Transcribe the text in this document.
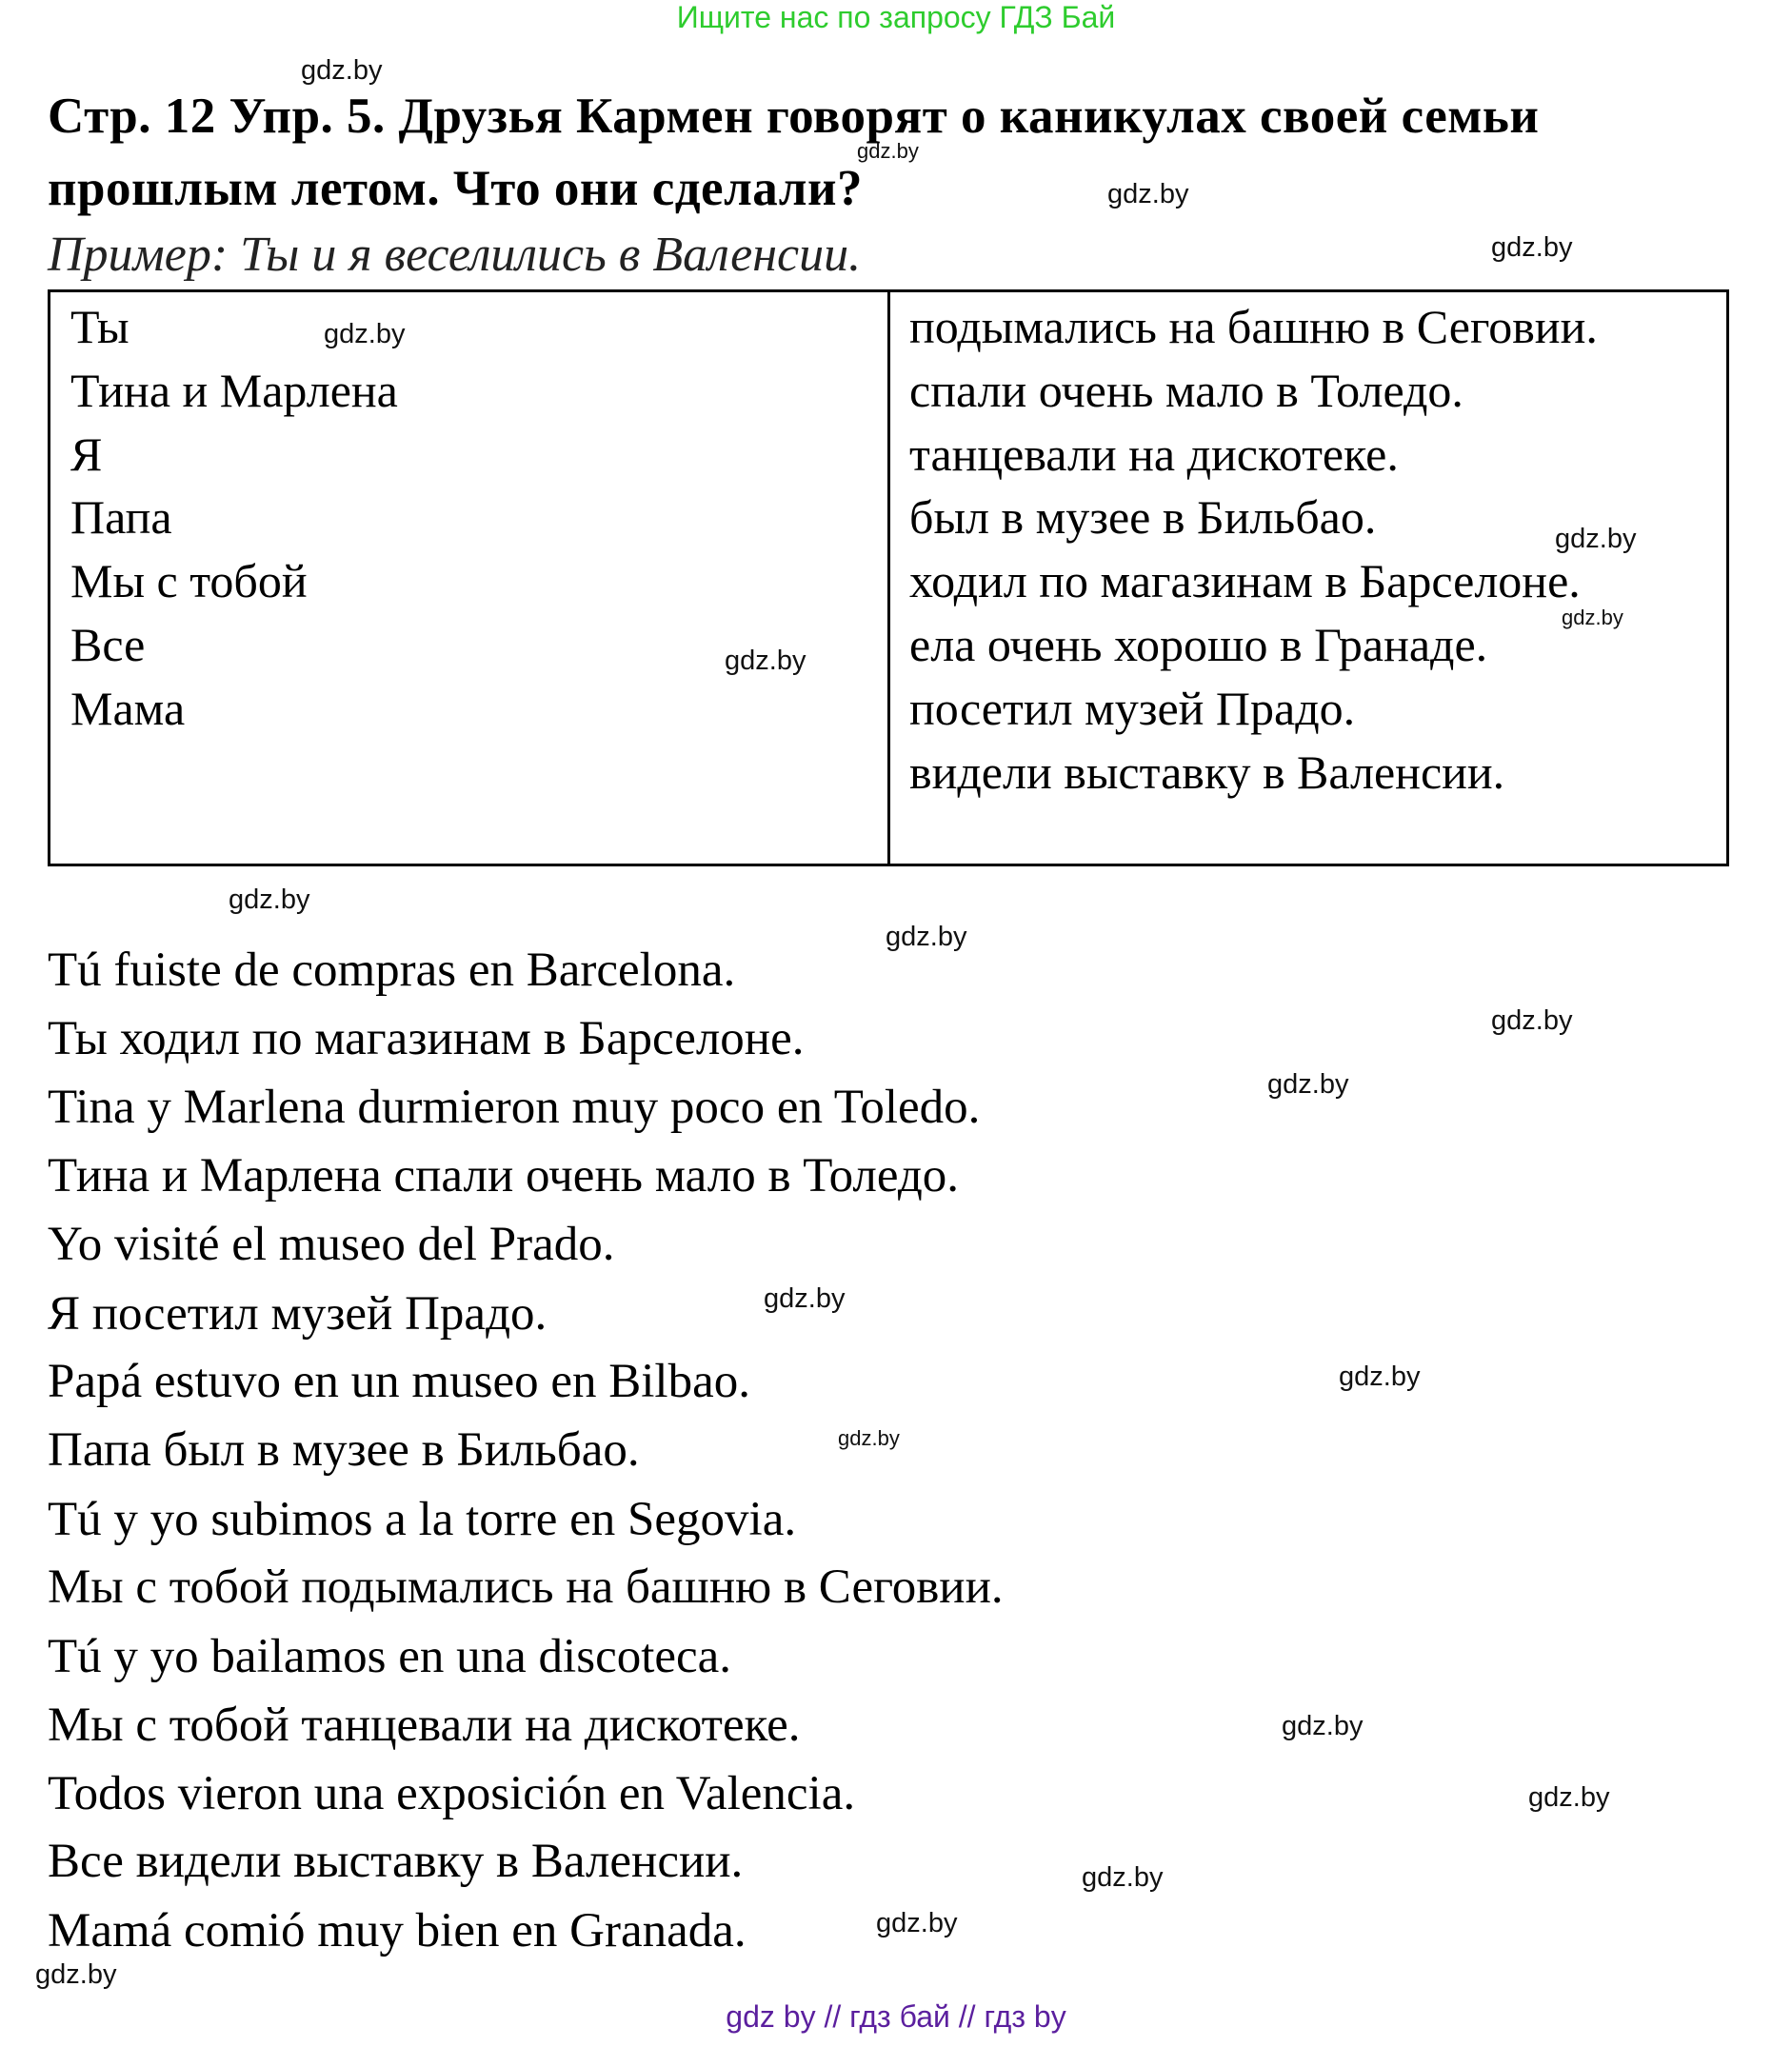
Ищите нас по запросу ГДЗ Бай
Стр. 12 Упр. 5. Друзья Кармен говорят о каникулах своей семьи
прошлым летом. Что они сделали?
Пример: Ты и я веселились в Валенсии.
Ты
Тина и Марлена
Я
Папа
Мы с тобой
Все
Мама
подымались на башню в Сеговии.
спали очень мало в Толедо.
танцевали на дискотеке.
был в музее в Бильбао.
ходил по магазинам в Барселоне.
ела очень хорошо в Гранаде.
посетил музей Прадо.
видели выставку в Валенсии.
Tú fuiste de compras en Barcelona.
Ты ходил по магазинам в Барселоне.
Tina y Marlena durmieron muy poco en Toledo.
Тина и Марлена спали очень мало в Толедо.
Yo visité el museo del Prado.
Я посетил музей Прадо.
Papá estuvo en un museo en Bilbao.
Папа был в музее в Бильбао.
Tú y yo subimos a la torre en Segovia.
Мы с тобой подымались на башню в Сеговии.
Tú y yo bailamos en una discoteca.
Мы с тобой танцевали на дискотеке.
Todos vieron una exposición en Valencia.
Все видели выставку в Валенсии.
Mamá comió muy bien en Granada.
gdz.by
gdz.by
gdz.by
gdz.by
gdz.by
gdz.by
gdz.by
gdz.by
gdz.by
gdz.by
gdz.by
gdz.by
gdz.by
gdz.by
gdz.by
gdz.by
gdz.by
gdz.by
gdz.by
gdz.by
gdz by // гдз бай // гдз by
